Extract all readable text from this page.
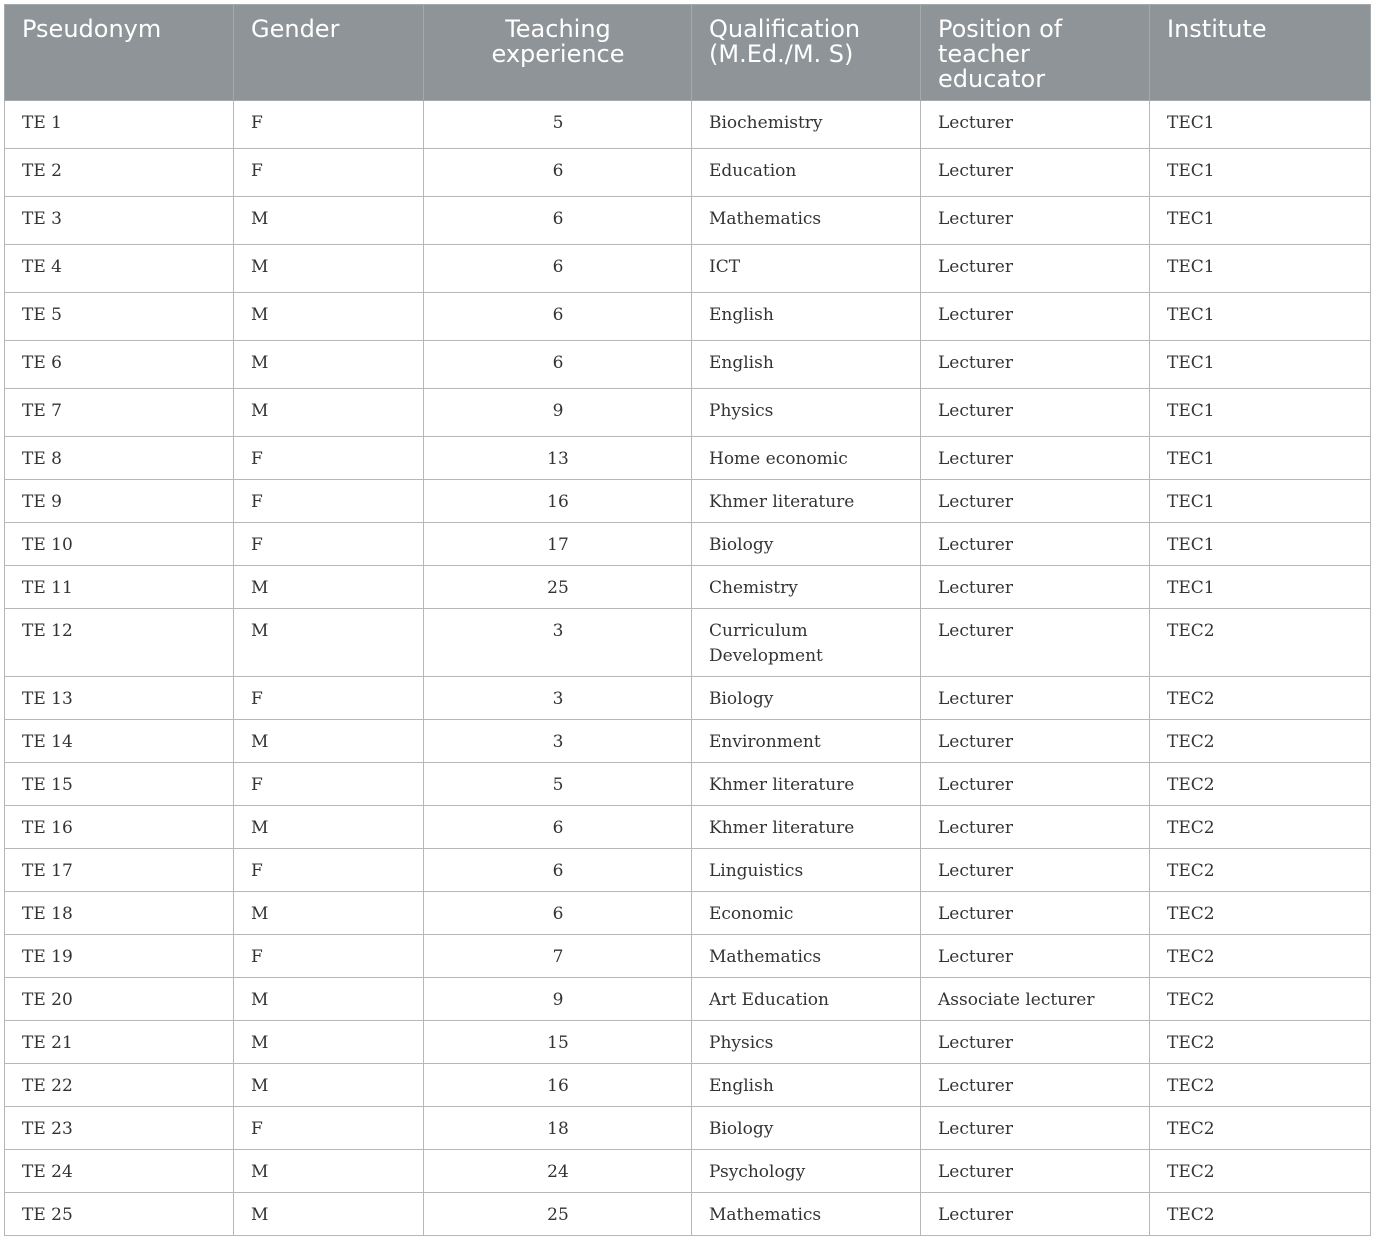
Pseudonym	Gender	Teaching experience	Qualification (M.Ed./M. S)	Position of teacher educator	Institute
TE 1	F	5	Biochemistry	Lecturer	TEC1
TE 2	F	6	Education	Lecturer	TEC1
TE 3	M	6	Mathematics	Lecturer	TEC1
TE 4	M	6	ICT	Lecturer	TEC1
TE 5	M	6	English	Lecturer	TEC1
TE 6	M	6	English	Lecturer	TEC1
TE 7	M	9	Physics	Lecturer	TEC1
TE 8	F	13	Home economic	Lecturer	TEC1
TE 9	F	16	Khmer literature	Lecturer	TEC1
TE 10	F	17	Biology	Lecturer	TEC1
TE 11	M	25	Chemistry	Lecturer	TEC1
TE 12	M	3	Curriculum Development	Lecturer	TEC2
TE 13	F	3	Biology	Lecturer	TEC2
TE 14	M	3	Environment	Lecturer	TEC2
TE 15	F	5	Khmer literature	Lecturer	TEC2
TE 16	M	6	Khmer literature	Lecturer	TEC2
TE 17	F	6	Linguistics	Lecturer	TEC2
TE 18	M	6	Economic	Lecturer	TEC2
TE 19	F	7	Mathematics	Lecturer	TEC2
TE 20	M	9	Art Education	Associate lecturer	TEC2
TE 21	M	15	Physics	Lecturer	TEC2
TE 22	M	16	English	Lecturer	TEC2
TE 23	F	18	Biology	Lecturer	TEC2
TE 24	M	24	Psychology	Lecturer	TEC2
TE 25	M	25	Mathematics	Lecturer	TEC2
